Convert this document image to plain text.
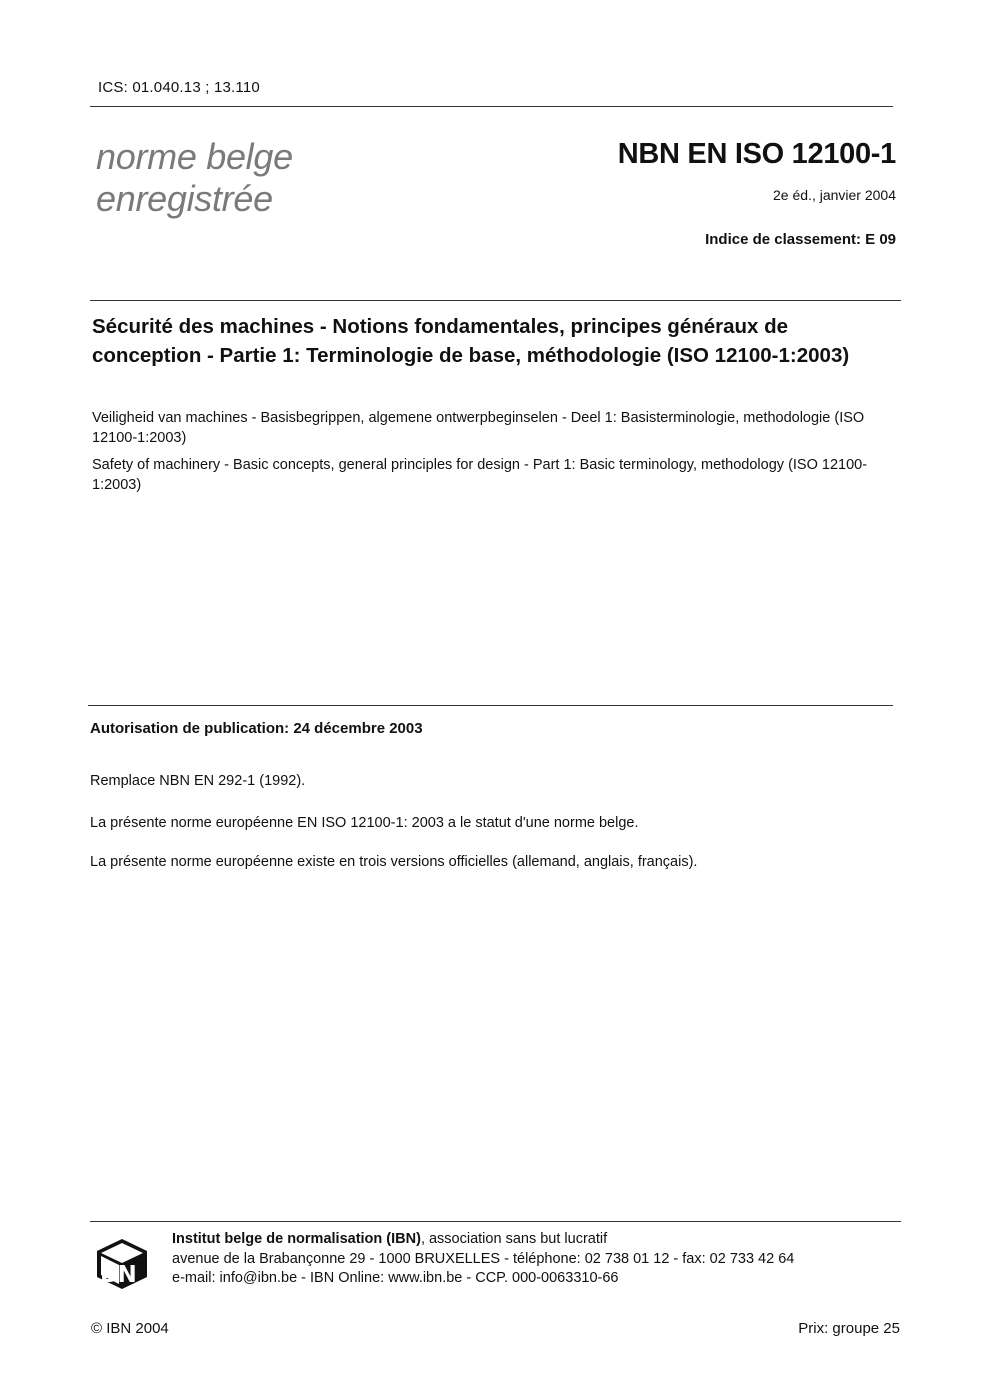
ICS: 01.040.13 ; 13.110
norme belge
enregistrée
NBN EN ISO 12100-1
2e éd., janvier 2004
Indice de classement: E 09
Sécurité des machines - Notions fondamentales, principes généraux de conception - Partie 1: Terminologie de base, méthodologie (ISO 12100-1:2003)
Veiligheid van machines - Basisbegrippen, algemene ontwerpbeginselen - Deel 1: Basisterminologie, methodologie (ISO 12100-1:2003)
Safety of machinery - Basic concepts, general principles for design - Part 1: Basic terminology, methodology (ISO 12100-1:2003)
Autorisation de publication: 24 décembre 2003
Remplace NBN EN 292-1 (1992).
La présente norme européenne EN ISO 12100-1: 2003 a le statut d'une norme belge.
La présente norme européenne existe en trois versions officielles (allemand, anglais, français).
BN
Institut belge de normalisation (IBN), association sans but lucratif
avenue de la Brabançonne 29 - 1000 BRUXELLES - téléphone: 02 738 01 12 - fax: 02 733 42 64
e-mail: info@ibn.be - IBN Online: www.ibn.be - CCP. 000-0063310-66
© IBN 2004	Prix: groupe 25
